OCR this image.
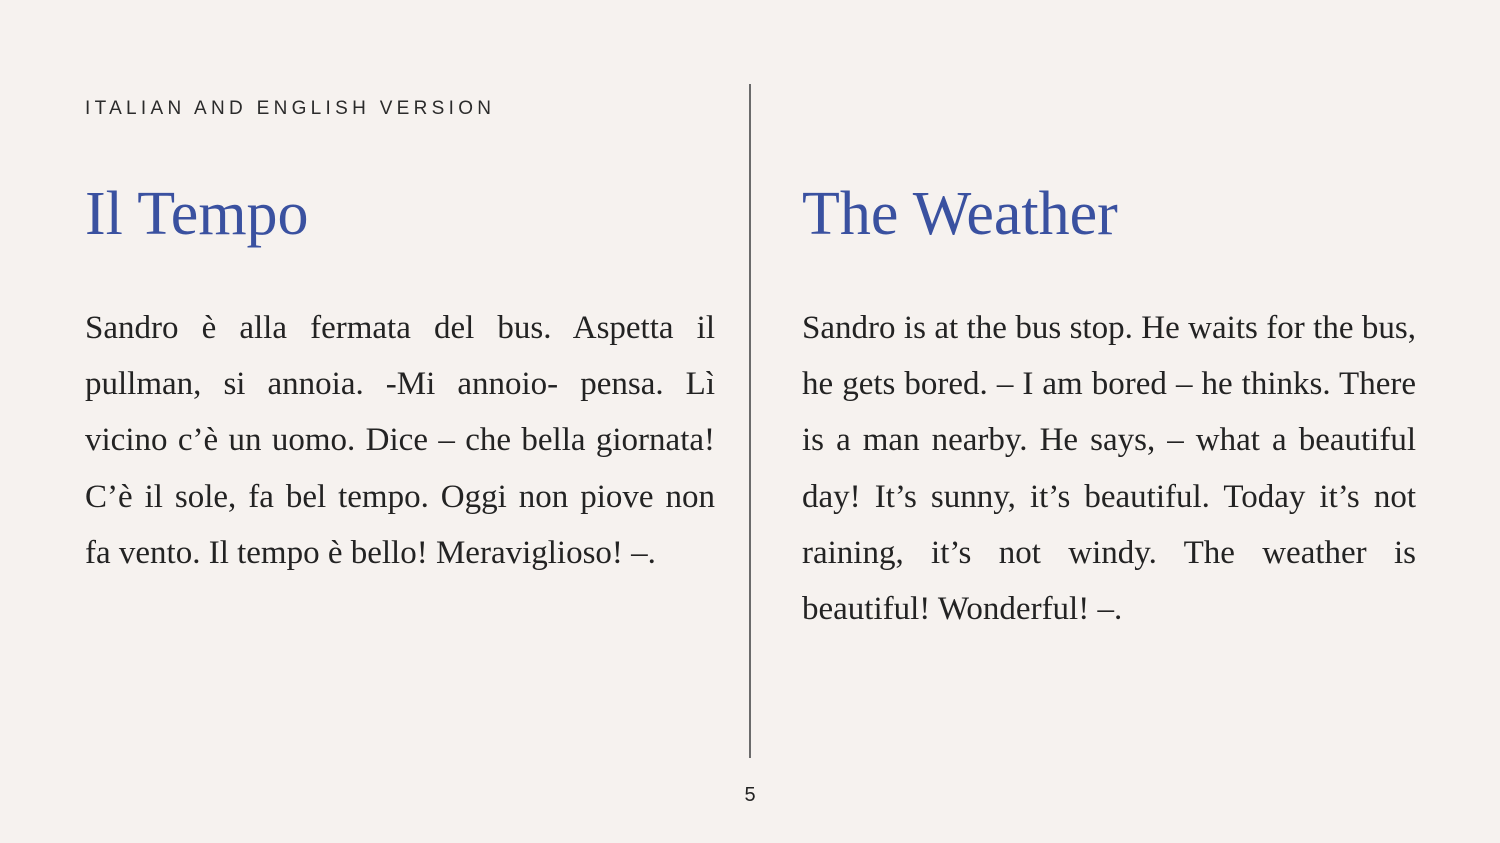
ITALIAN AND ENGLISH VERSION
Il Tempo

Sandro è alla fermata del bus. Aspetta il pullman, si annoia. -Mi annoio- pensa. Lì vicino c’è un uomo. Dice – che bella giornata! C’è il sole, fa bel tempo. Oggi non piove non fa vento. Il tempo è bello! Meraviglioso! –.

The Weather

Sandro is at the bus stop. He waits for the bus, he gets bored. – I am bored – he thinks. There is a man nearby. He says, – what a beautiful day! It’s sunny, it’s beautiful. Today it’s not raining, it’s not windy. The weather is beautiful! Wonderful! –.

5
